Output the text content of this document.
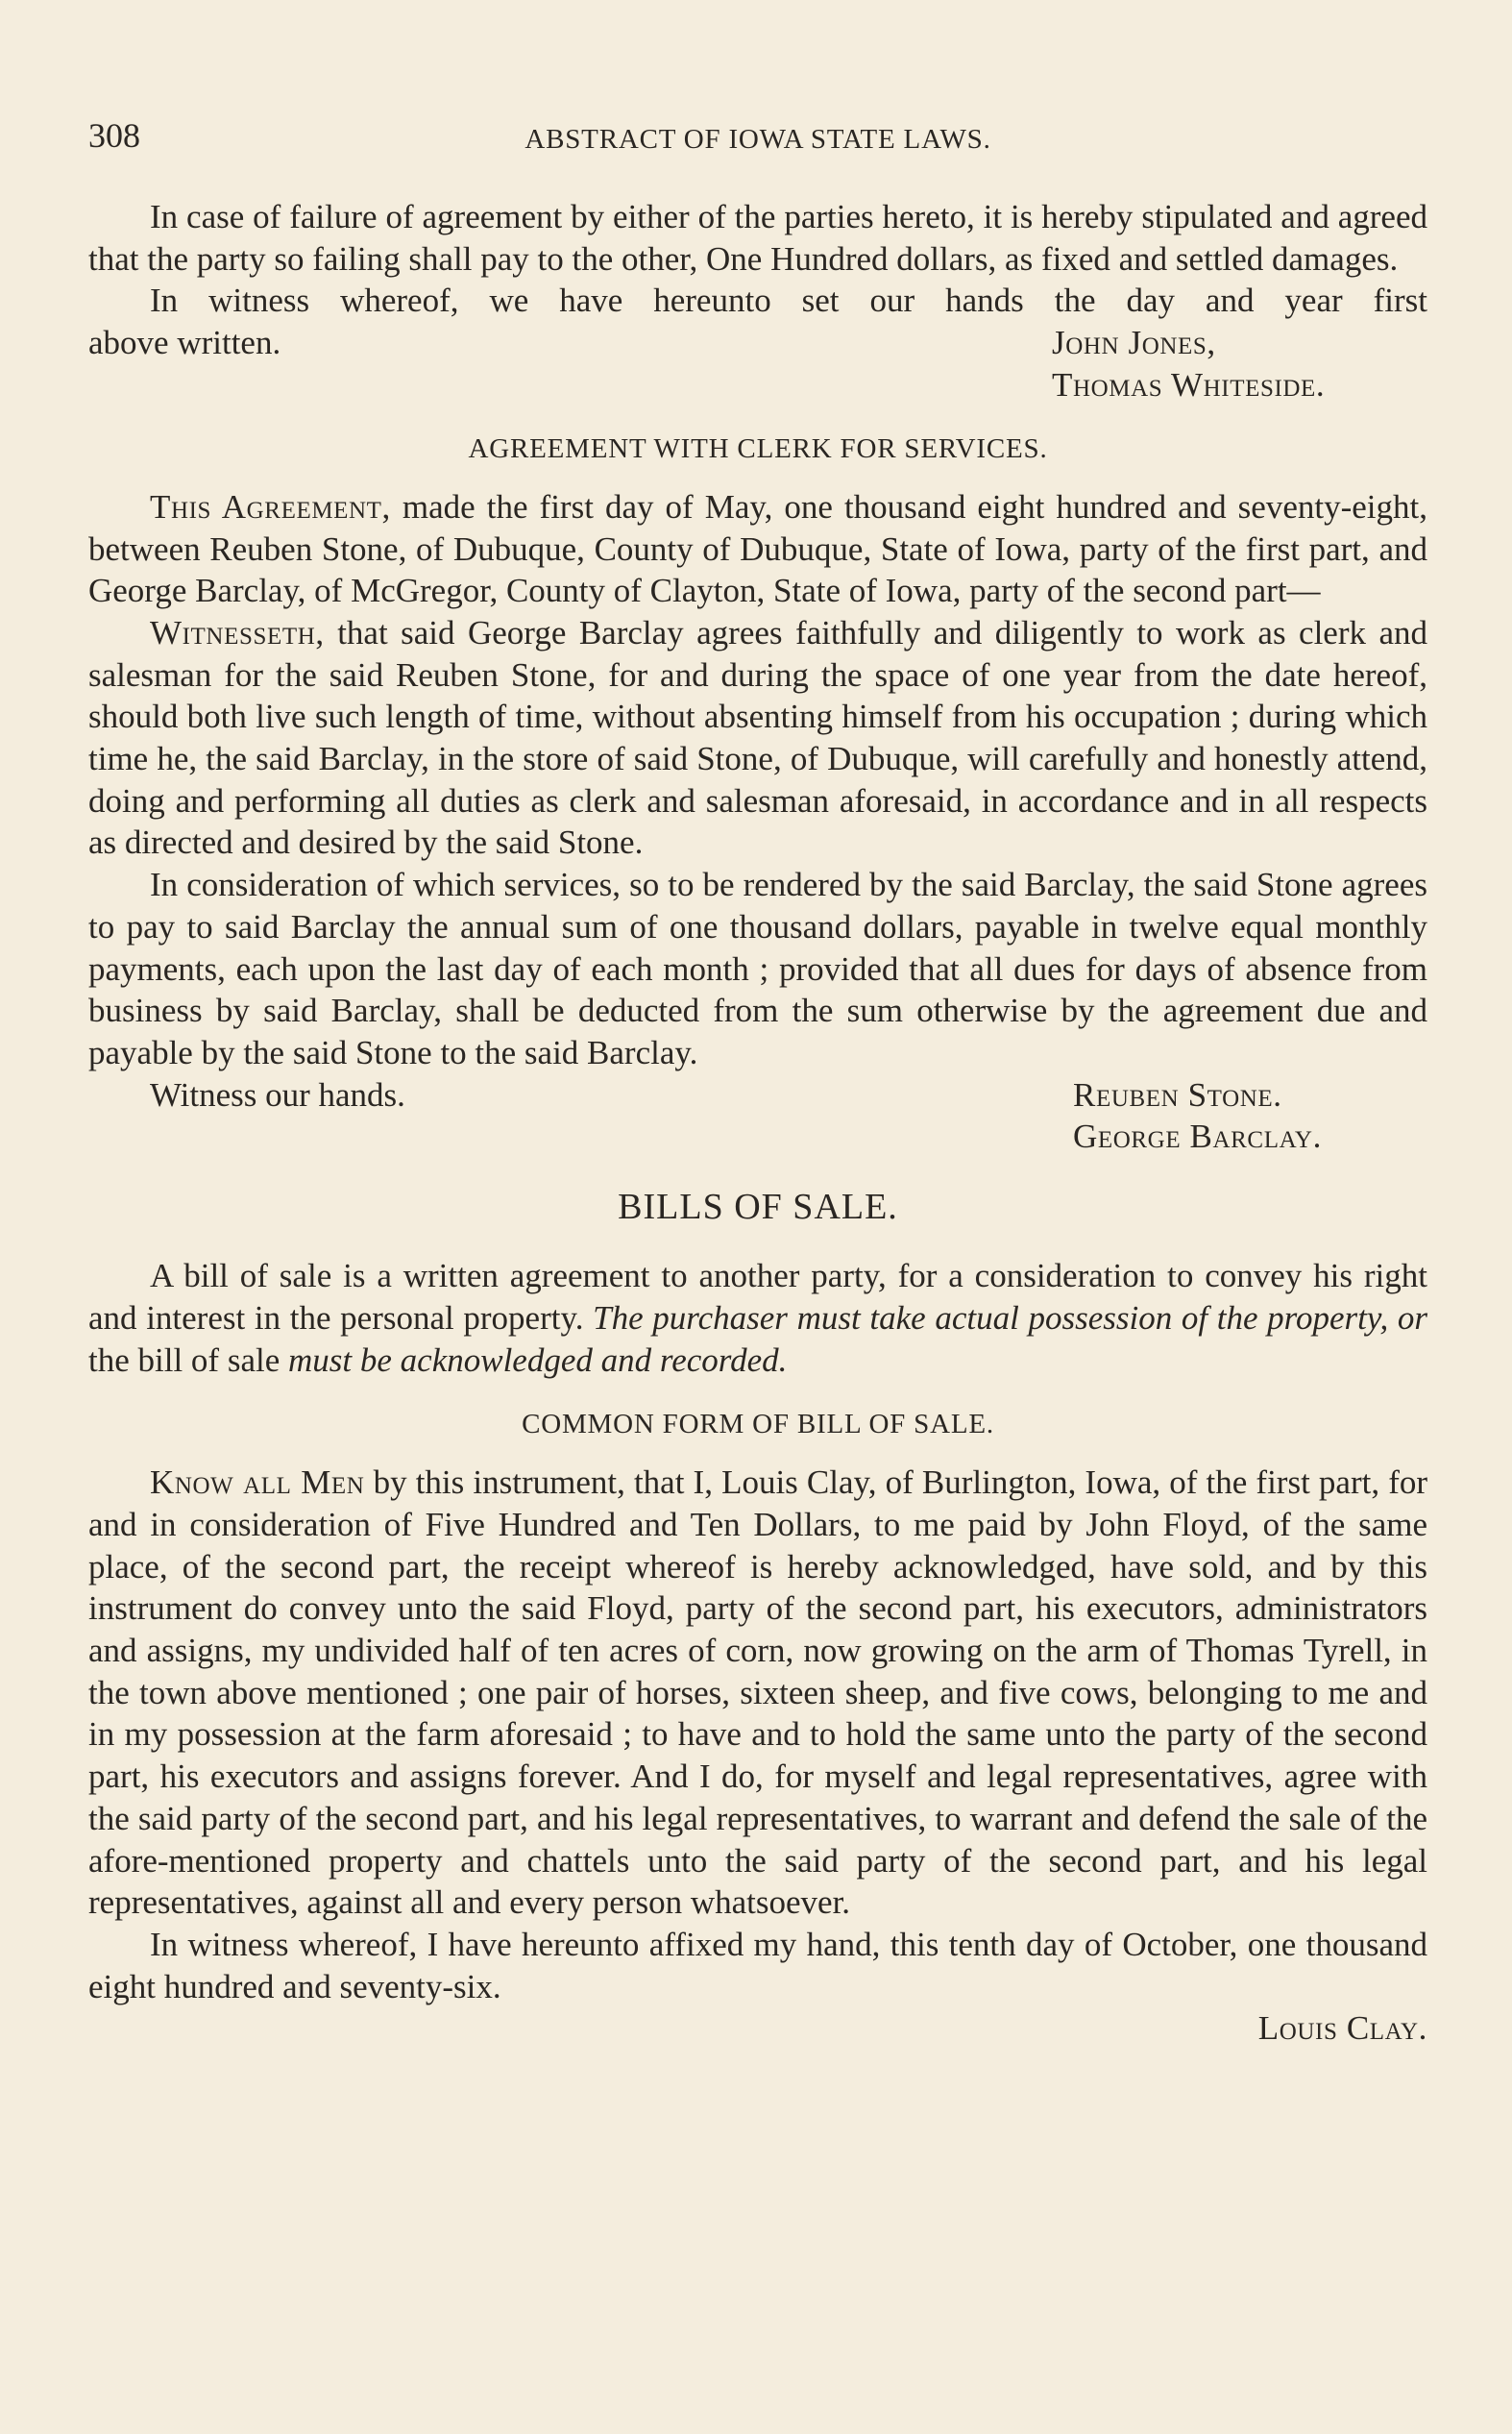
308	ABSTRACT OF IOWA STATE LAWS.

In case of failure of agreement by either of the parties hereto, it is hereby stipulated and agreed that the party so failing shall pay to the other, One Hundred dollars, as fixed and settled damages.

In witness whereof, we have hereunto set our hands the day and year first

above written.	John Jones,
Thomas Whiteside.
AGREEMENT WITH CLERK FOR SERVICES.

This Agreement, made the first day of May, one thousand eight hundred and seventy-eight, between Reuben Stone, of Dubuque, County of Dubuque, State of Iowa, party of the first part, and George Barclay, of McGregor, County of Clayton, State of Iowa, party of the second part—

Witnesseth, that said George Barclay agrees faithfully and diligently to work as clerk and salesman for the said Reuben Stone, for and during the space of one year from the date hereof, should both live such length of time, without absenting himself from his occupation ; during which time he, the said Barclay, in the store of said Stone, of Dubuque, will carefully and honestly attend, doing and performing all duties as clerk and salesman aforesaid, in accordance and in all respects as directed and desired by the said Stone.

In consideration of which services, so to be rendered by the said Barclay, the said Stone agrees to pay to said Barclay the annual sum of one thousand dollars, payable in twelve equal monthly payments, each upon the last day of each month ; provided that all dues for days of absence from business by said Barclay, shall be deducted from the sum otherwise by the agreement due and payable by the said Stone to the said Barclay.

Witness our hands.	Reuben Stone.
George Barclay.
BILLS OF SALE.

A bill of sale is a written agreement to another party, for a consideration to convey his right and interest in the personal property. The purchaser must take actual possession of the property, or the bill of sale must be acknowledged and recorded.

COMMON FORM OF BILL OF SALE.

Know all Men by this instrument, that I, Louis Clay, of Burlington, Iowa, of the first part, for and in consideration of Five Hundred and Ten Dollars, to me paid by John Floyd, of the same place, of the second part, the receipt whereof is hereby acknowledged, have sold, and by this instrument do convey unto the said Floyd, party of the second part, his executors, administrators and assigns, my undivided half of ten acres of corn, now growing on the arm of Thomas Tyrell, in the town above mentioned ; one pair of horses, sixteen sheep, and five cows, belonging to me and in my possession at the farm aforesaid ; to have and to hold the same unto the party of the second part, his executors and assigns forever. And I do, for myself and legal representatives, agree with the said party of the second part, and his legal representatives, to warrant and defend the sale of the afore-mentioned property and chattels unto the said party of the second part, and his legal representatives, against all and every person whatsoever.

In witness whereof, I have hereunto affixed my hand, this tenth day of October, one thousand eight hundred and seventy-six.

Louis Clay.
